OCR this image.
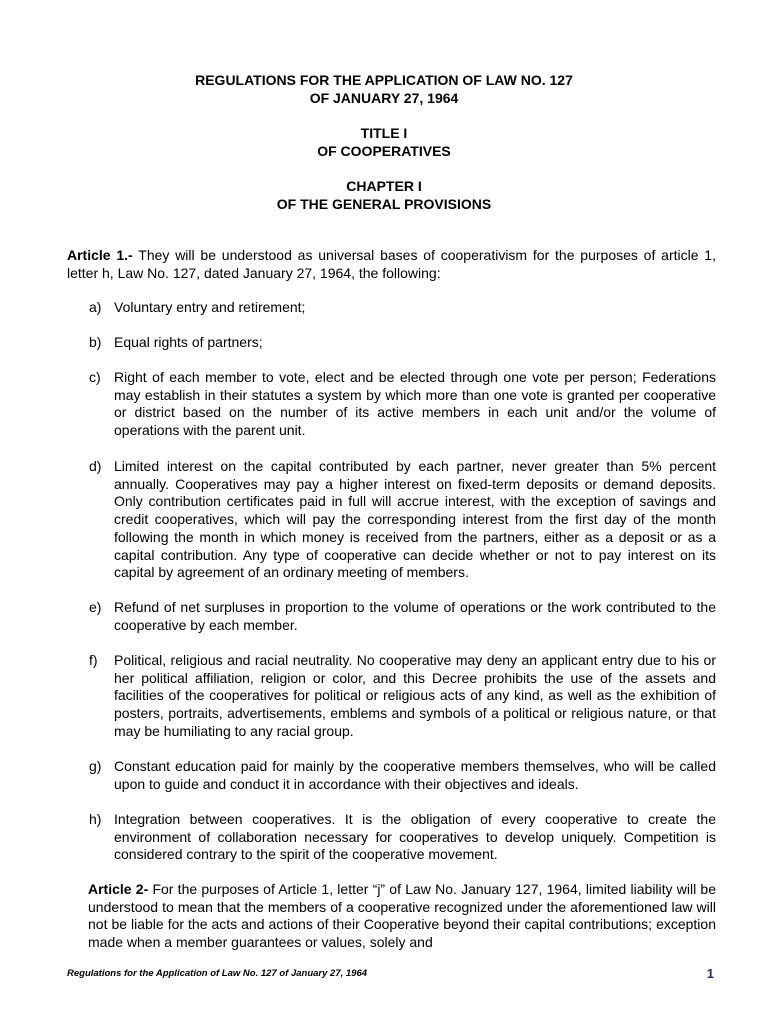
REGULATIONS FOR THE APPLICATION OF LAW NO. 127
OF JANUARY 27, 1964
TITLE I
OF COOPERATIVES
CHAPTER I
OF THE GENERAL PROVISIONS
Article 1.- They will be understood as universal bases of cooperativism for the purposes of article 1, letter h, Law No. 127, dated January 27, 1964, the following:
a) Voluntary entry and retirement;
b) Equal rights of partners;
c) Right of each member to vote, elect and be elected through one vote per person; Federations may establish in their statutes a system by which more than one vote is granted per cooperative or district based on the number of its active members in each unit and/or the volume of operations with the parent unit.
d) Limited interest on the capital contributed by each partner, never greater than 5% percent annually. Cooperatives may pay a higher interest on fixed-term deposits or demand deposits. Only contribution certificates paid in full will accrue interest, with the exception of savings and credit cooperatives, which will pay the corresponding interest from the first day of the month following the month in which money is received from the partners, either as a deposit or as a capital contribution. Any type of cooperative can decide whether or not to pay interest on its capital by agreement of an ordinary meeting of members.
e) Refund of net surpluses in proportion to the volume of operations or the work contributed to the cooperative by each member.
f)	Political, religious and racial neutrality. No cooperative may deny an applicant entry due to his or her political affiliation, religion or color, and this Decree prohibits the use of the assets and facilities of the cooperatives for political or religious acts of any kind, as well as the exhibition of posters, portraits, advertisements, emblems and symbols of a political or religious nature, or that may be humiliating to any racial group.
g) Constant education paid for mainly by the cooperative members themselves, who will be called upon to guide and conduct it in accordance with their objectives and ideals.
h) Integration between cooperatives. It is the obligation of every cooperative to create the environment of collaboration necessary for cooperatives to develop uniquely. Competition is considered contrary to the spirit of the cooperative movement.
Article 2- For the purposes of Article 1, letter “j” of Law No. January 127, 1964, limited liability will be understood to mean that the members of a cooperative recognized under the aforementioned law will not be liable for the acts and actions of their Cooperative beyond their capital contributions; exception made when a member guarantees or values, solely and
Regulations for the Application of Law No. 127 of January 27, 1964	1
